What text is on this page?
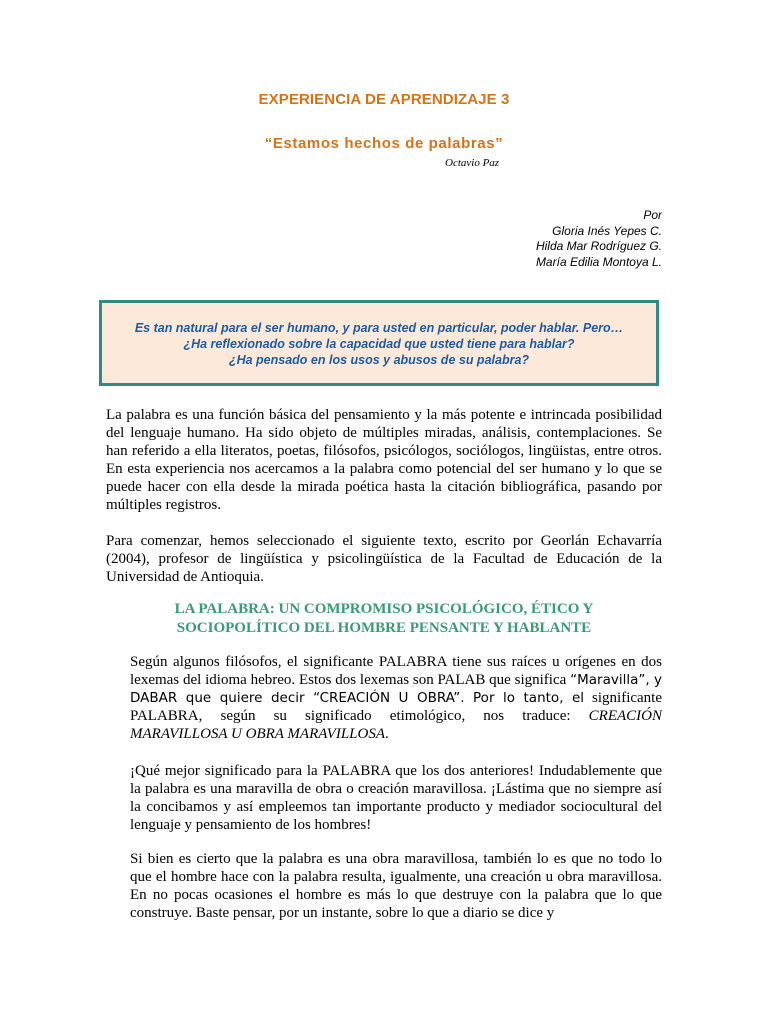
EXPERIENCIA DE APRENDIZAJE 3
“Estamos hechos de palabras”
Octavio Paz
Por
Gloria Inés Yepes C.
Hilda Mar Rodríguez G.
María Edilia Montoya L.
Es tan natural para el ser humano, y para usted en particular, poder hablar. Pero…
¿Ha reflexionado sobre la capacidad que usted tiene para hablar?
¿Ha pensado en los usos y abusos de su palabra?
La palabra es una función básica del pensamiento y la más potente e intrincada posibilidad del lenguaje humano. Ha sido objeto de múltiples miradas, análisis, contemplaciones. Se han referido a ella literatos, poetas, filósofos, psicólogos, sociólogos, lingüistas, entre otros. En esta experiencia nos acercamos a la palabra como potencial del ser humano y lo que se puede hacer con ella desde la mirada poética hasta la citación bibliográfica, pasando por múltiples registros.
Para comenzar, hemos seleccionado el siguiente texto, escrito por Georlán Echavarría (2004), profesor de lingüística y psicolingüística de la Facultad de Educación de la Universidad de Antioquia.
LA PALABRA: UN COMPROMISO PSICOLÓGICO, ÉTICO Y
SOCIOPOLÍTICO DEL HOMBRE PENSANTE Y HABLANTE
Según algunos filósofos, el significante PALABRA tiene sus raíces u orígenes en dos lexemas del idioma hebreo. Estos dos lexemas son PALAB que significa “Maravilla”, y DABAR que quiere decir “CREACIÓN U OBRA”. Por lo tanto, el significante PALABRA, según su significado etimológico, nos traduce: CREACIÓN MARAVILLOSA U OBRA MARAVILLOSA.
¡Qué mejor significado para la PALABRA que los dos anteriores! Indudablemente que la palabra es una maravilla de obra o creación maravillosa. ¡Lástima que no siempre así la concibamos y así empleemos tan importante producto y mediador sociocultural del lenguaje y pensamiento de los hombres!
Si bien es cierto que la palabra es una obra maravillosa, también lo es que no todo lo que el hombre hace con la palabra resulta, igualmente, una creación u obra maravillosa. En no pocas ocasiones el hombre es más lo que destruye con la palabra que lo que construye. Baste pensar, por un instante, sobre lo que a diario se dice y
